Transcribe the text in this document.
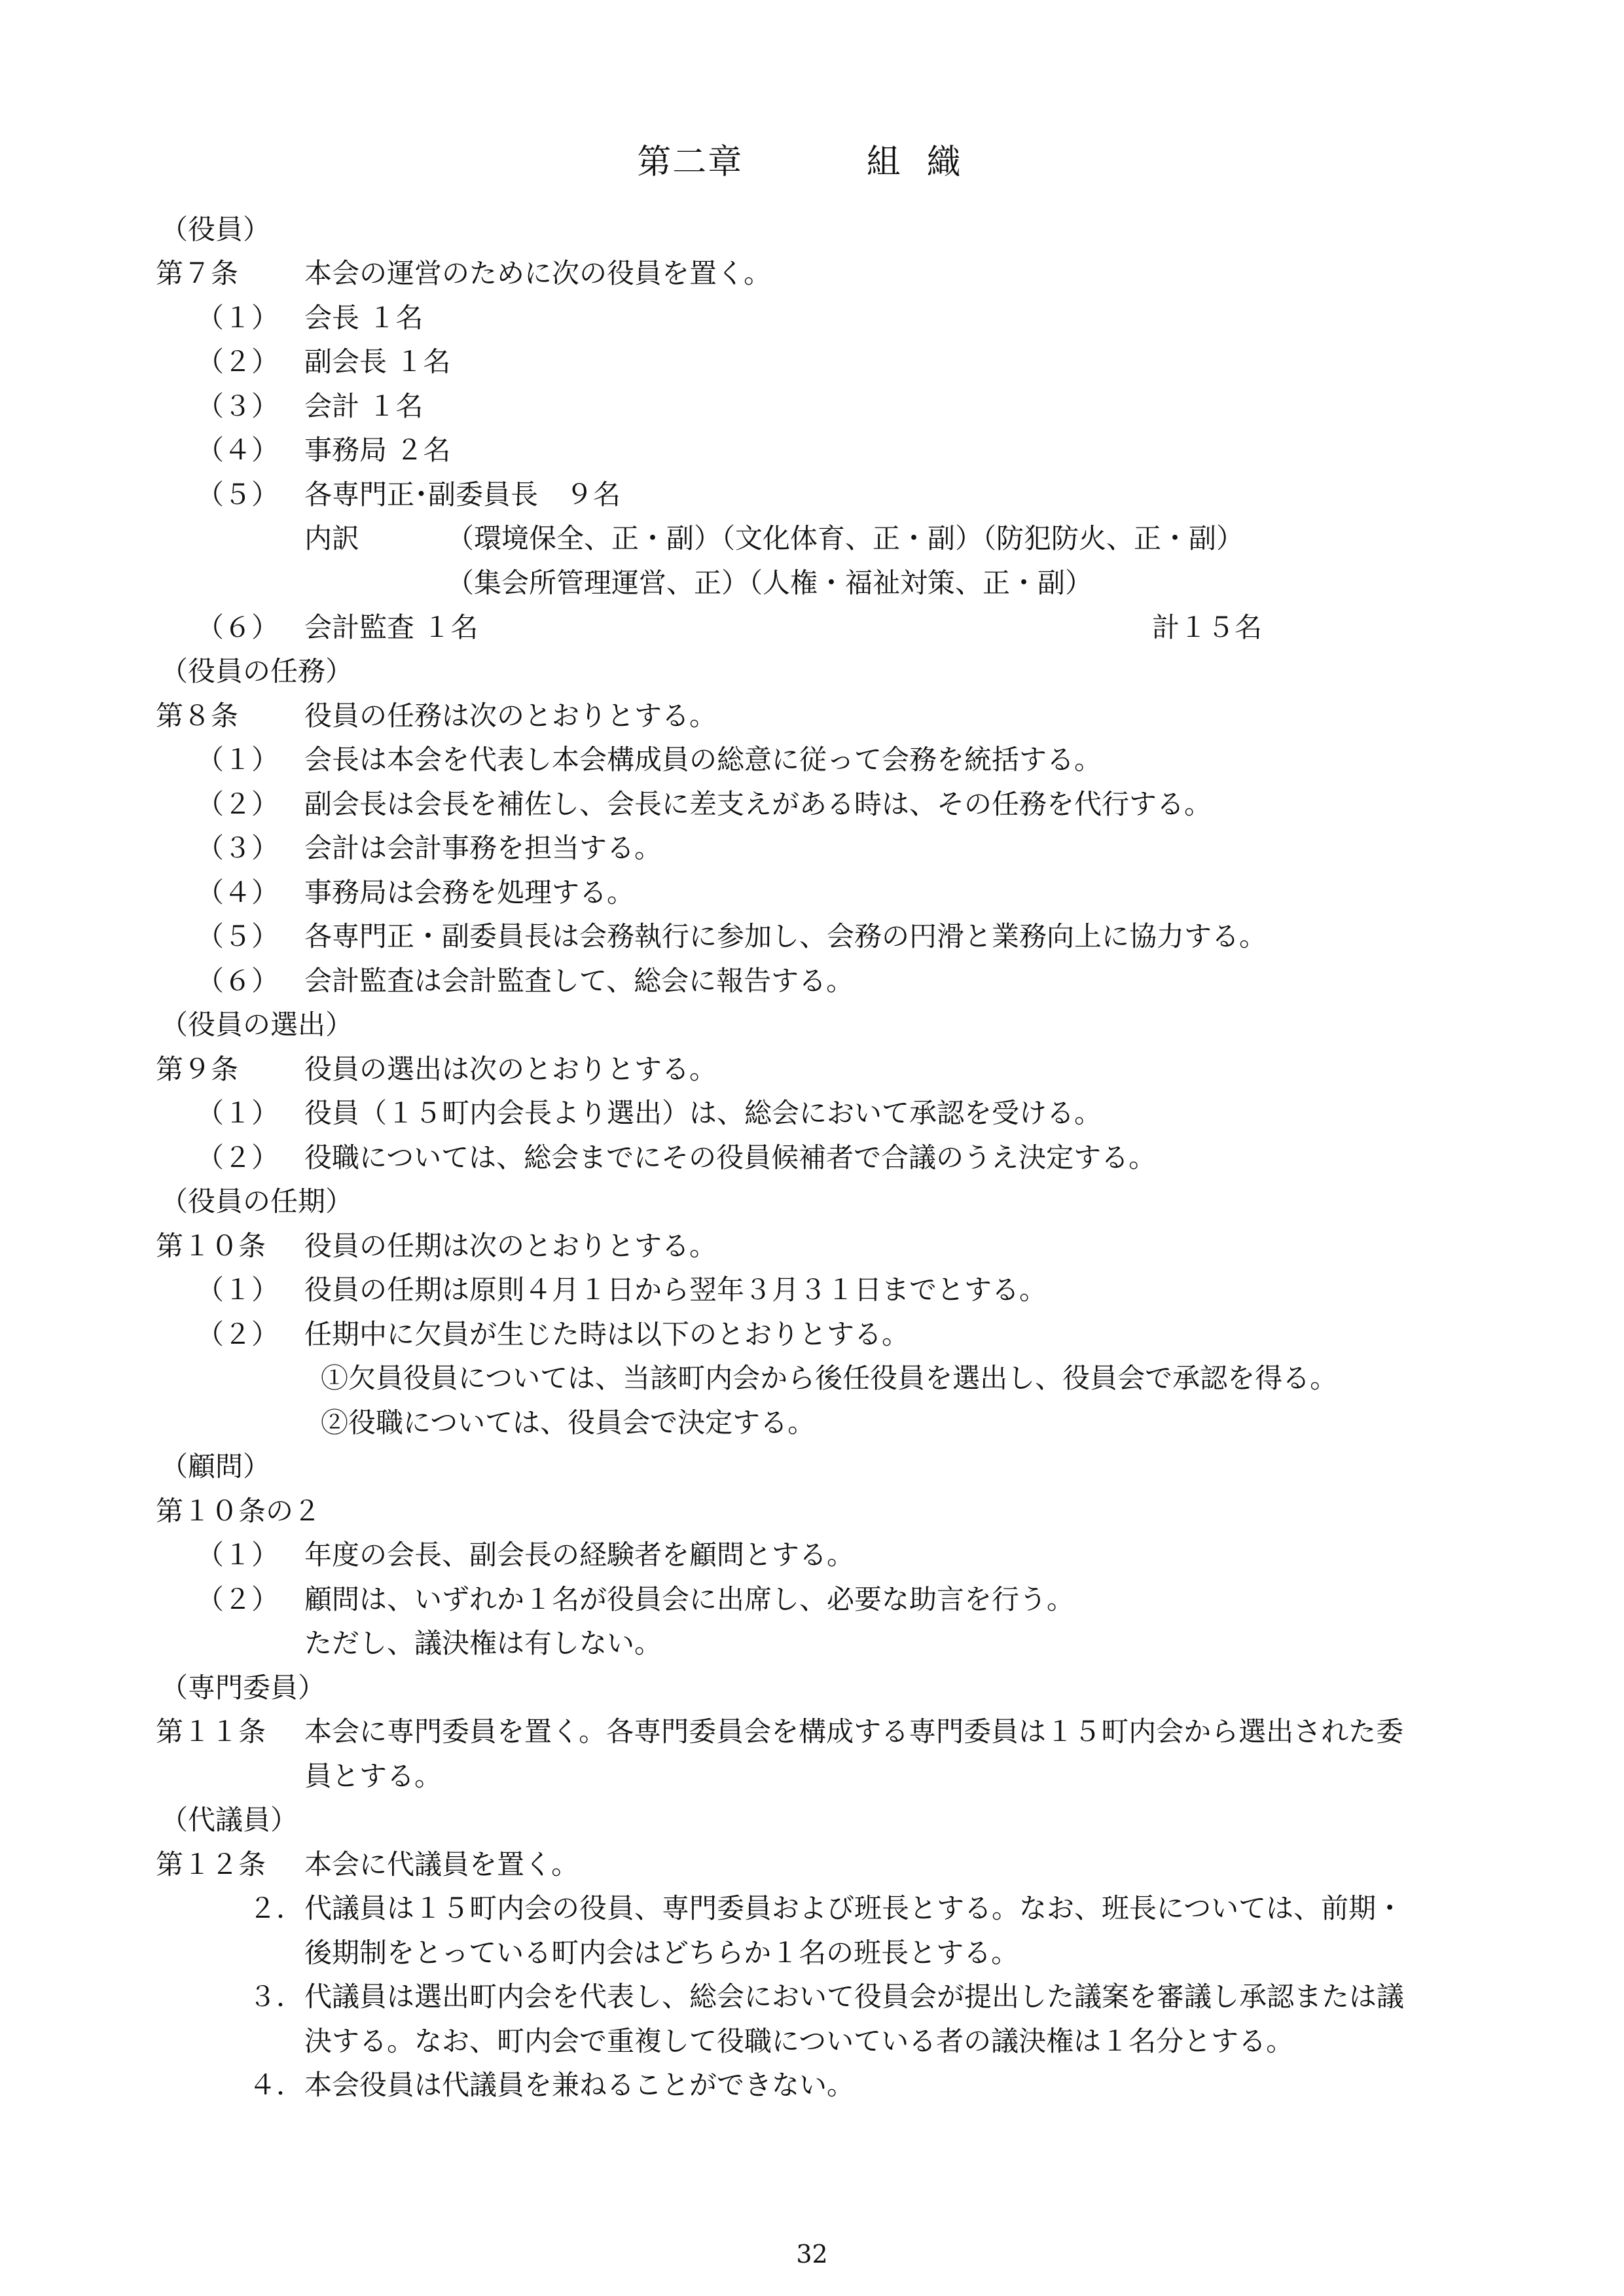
第二章	組織
（役員）
第７条 本会の運営のために次の役員を置く。
（１） 会長 １名
（２） 副会長 １名
（３） 会計 １名
（４） 事務局 ２名
（５） 各専門正･副委員長　９名
内訳	（環境保全、正・副）（文化体育、正・副）（防犯防火、正・副）
（集会所管理運営、正）（人権・福祉対策、正・副）
（６） 会計監査 １名	計１５名
（役員の任務）
第８条 役員の任務は次のとおりとする。
（１） 会長は本会を代表し本会構成員の総意に従って会務を統括する。
（２） 副会長は会長を補佐し、会長に差支えがある時は、その任務を代行する。
（３） 会計は会計事務を担当する。
（４） 事務局は会務を処理する。
（５） 各専門正・副委員長は会務執行に参加し、会務の円滑と業務向上に協力する。
（６） 会計監査は会計監査して、総会に報告する。
（役員の選出）
第９条 役員の選出は次のとおりとする。
（１） 役員（１５町内会長より選出）は、総会において承認を受ける。
（２） 役職については、総会までにその役員候補者で合議のうえ決定する。
（役員の任期）
第１０条 役員の任期は次のとおりとする。
（１） 役員の任期は原則４月１日から翌年３月３１日までとする。
（２） 任期中に欠員が生じた時は以下のとおりとする。
①欠員役員については、当該町内会から後任役員を選出し、役員会で承認を得る。
②役職については、役員会で決定する。
（顧問）
第１０条の２
（１） 年度の会長、副会長の経験者を顧問とする。
（２） 顧問は、いずれか１名が役員会に出席し、必要な助言を行う。
ただし、議決権は有しない。
（専門委員）
第１１条 本会に専門委員を置く。各専門委員会を構成する専門委員は１５町内会から選出された委
員とする。
（代議員）
第１２条 本会に代議員を置く。
２． 代議員は１５町内会の役員、専門委員および班長とする。なお、班長については、前期・
後期制をとっている町内会はどちらか１名の班長とする。
３． 代議員は選出町内会を代表し、総会において役員会が提出した議案を審議し承認または議
決する。なお、町内会で重複して役職についている者の議決権は１名分とする。
４． 本会役員は代議員を兼ねることができない。
32
